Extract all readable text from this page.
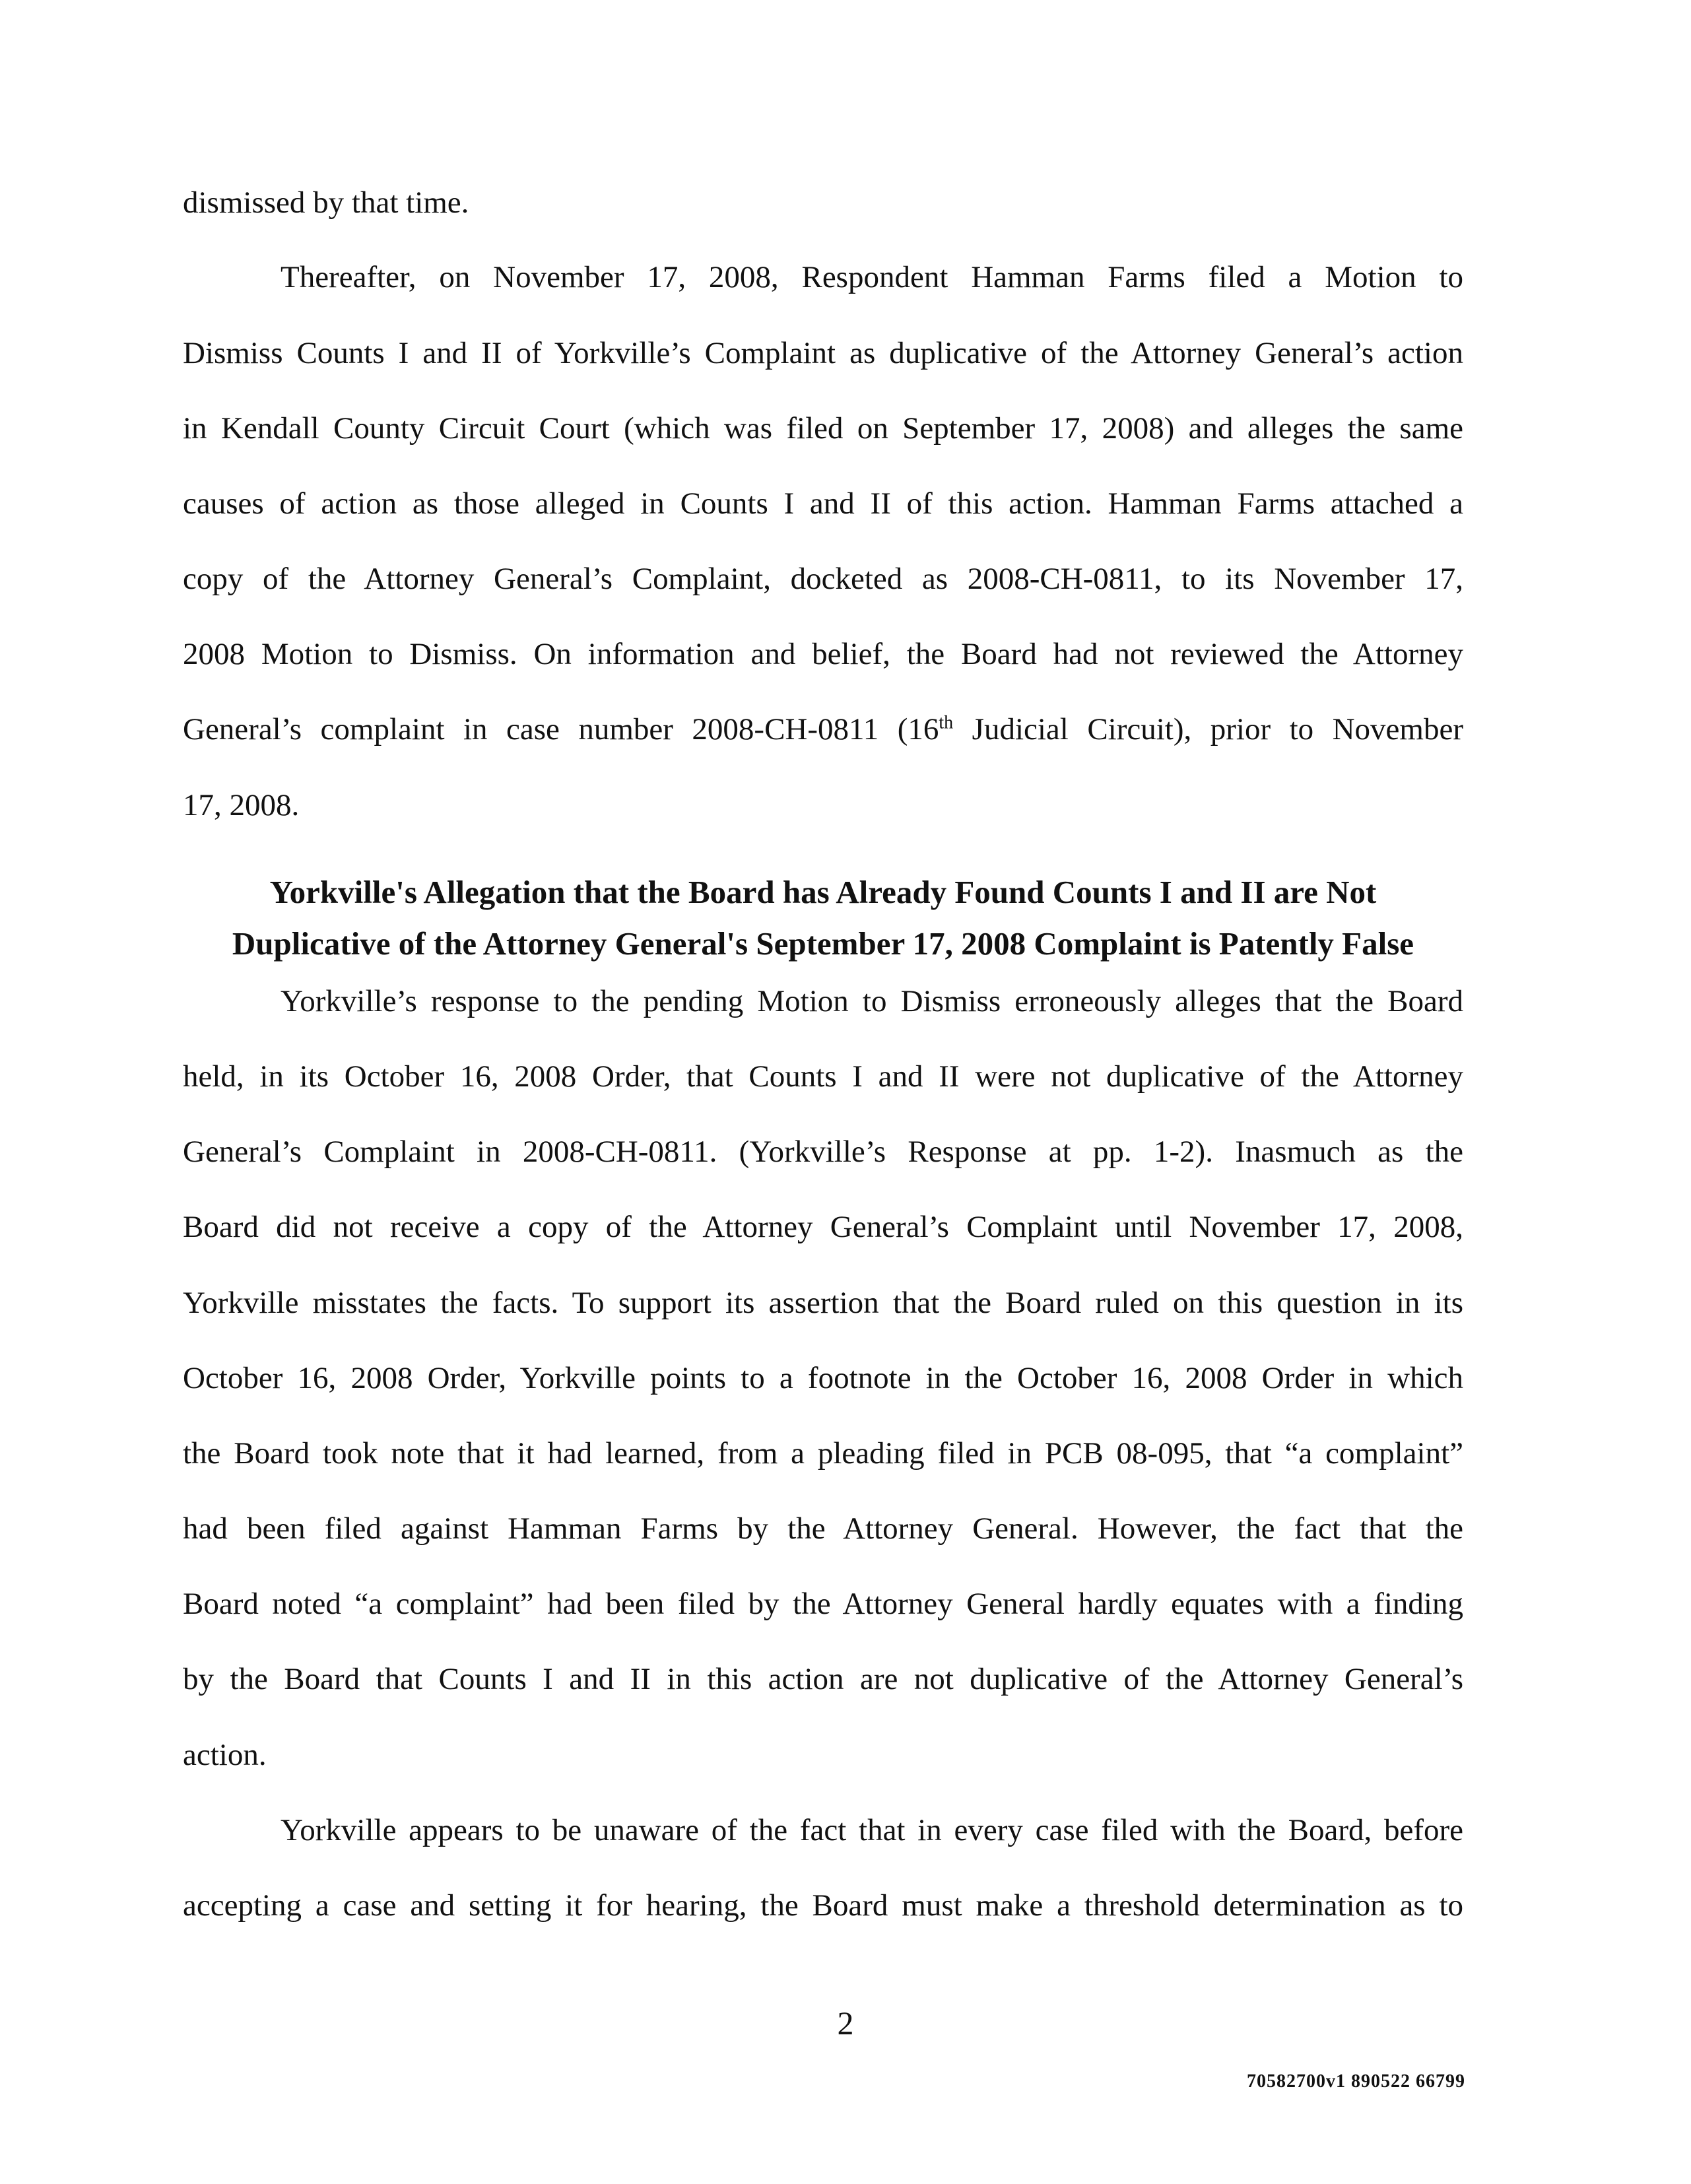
dismissed by that time.
Thereafter, on November 17, 2008, Respondent Hamman Farms filed a Motion to
Dismiss Counts I and II of Yorkville’s Complaint as duplicative of the Attorney General’s action
in Kendall County Circuit Court (which was filed on September 17, 2008) and alleges the same
causes of action as those alleged in Counts I and II of this action. Hamman Farms attached a
copy of the Attorney General’s Complaint, docketed as 2008-CH-0811, to its November 17,
2008 Motion to Dismiss. On information and belief, the Board had not reviewed the Attorney
General’s complaint in case number 2008-CH-0811 (16th Judicial Circuit), prior to November
17, 2008.
Yorkville's Allegation that the Board has Already Found Counts I and II are Not
Duplicative of the Attorney General's September 17, 2008 Complaint is Patently False
Yorkville’s response to the pending Motion to Dismiss erroneously alleges that the Board
held, in its October 16, 2008 Order, that Counts I and II were not duplicative of the Attorney
General’s Complaint in 2008-CH-0811. (Yorkville’s Response at pp. 1-2). Inasmuch as the
Board did not receive a copy of the Attorney General’s Complaint until November 17, 2008,
Yorkville misstates the facts. To support its assertion that the Board ruled on this question in its
October 16, 2008 Order, Yorkville points to a footnote in the October 16, 2008 Order in which
the Board took note that it had learned, from a pleading filed in PCB 08-095, that “a complaint”
had been filed against Hamman Farms by the Attorney General. However, the fact that the
Board noted “a complaint” had been filed by the Attorney General hardly equates with a finding
by the Board that Counts I and II in this action are not duplicative of the Attorney General’s
action.
Yorkville appears to be unaware of the fact that in every case filed with the Board, before
accepting a case and setting it for hearing, the Board must make a threshold determination as to
2
70582700v1 890522 66799
